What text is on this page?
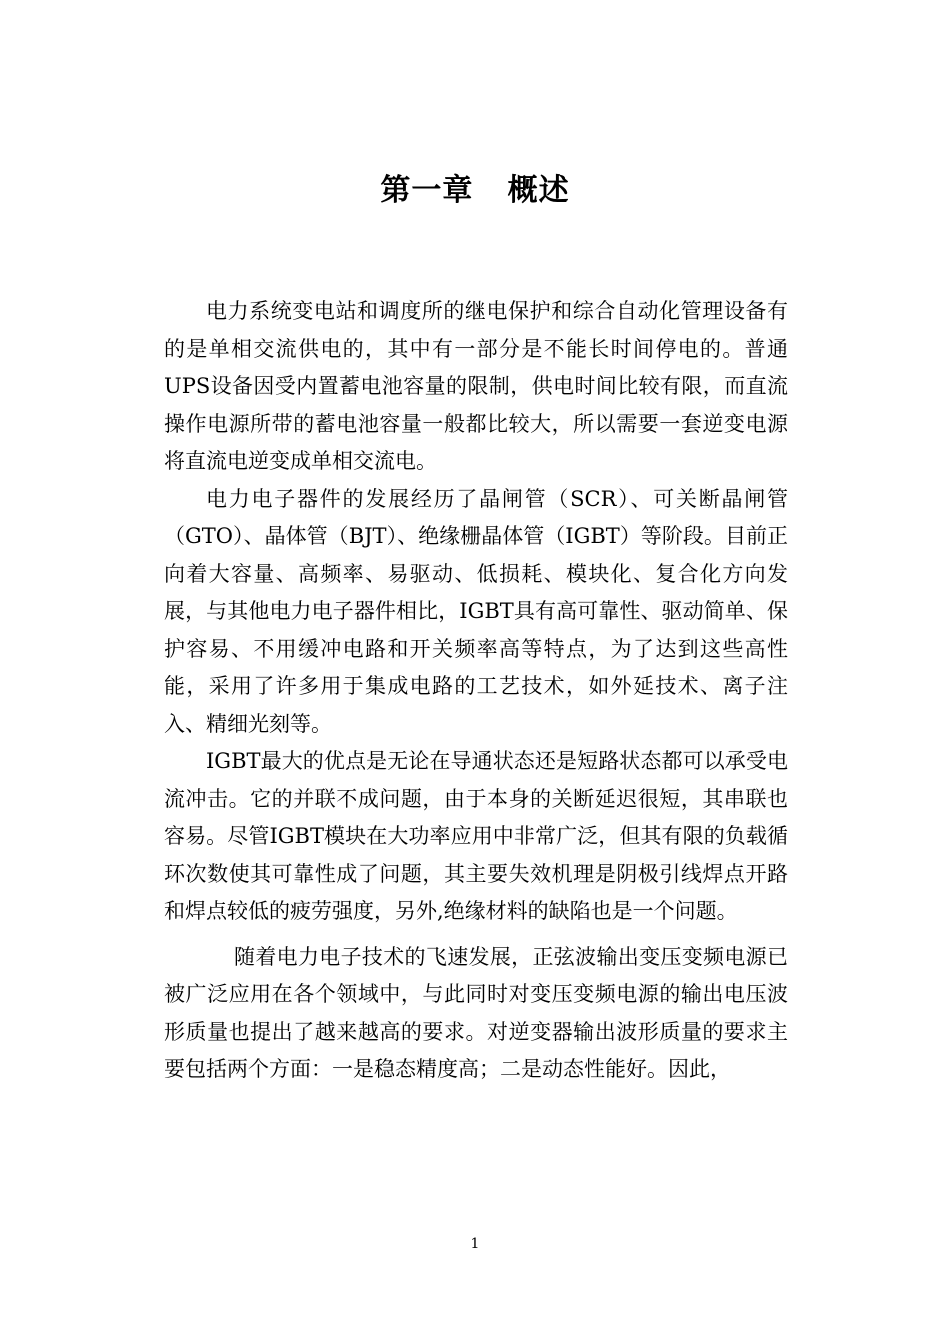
第一章   概述

电力系统变电站和调度所的继电保护和综合自动化管理设备有的是单相交流供电的，其中有一部分是不能长时间停电的。普通UPS设备因受内置蓄电池容量的限制，供电时间比较有限，而直流操作电源所带的蓄电池容量一般都比较大，所以需要一套逆变电源将直流电逆变成单相交流电。

电力电子器件的发展经历了晶闸管（SCR）、可关断晶闸管（GTO）、晶体管（BJT）、绝缘栅晶体管（IGBT）等阶段。目前正向着大容量、高频率、易驱动、低损耗、模块化、复合化方向发展，与其他电力电子器件相比，IGBT具有高可靠性、驱动简单、保护容易、不用缓冲电路和开关频率高等特点，为了达到这些高性能，采用了许多用于集成电路的工艺技术，如外延技术、离子注入、精细光刻等。

IGBT最大的优点是无论在导通状态还是短路状态都可以承受电流冲击。它的并联不成问题，由于本身的关断延迟很短，其串联也容易。尽管IGBT模块在大功率应用中非常广泛，但其有限的负载循环次数使其可靠性成了问题，其主要失效机理是阴极引线焊点开路和焊点较低的疲劳强度，另外,绝缘材料的缺陷也是一个问题。

随着电力电子技术的飞速发展，正弦波输出变压变频电源已被广泛应用在各个领域中，与此同时对变压变频电源的输出电压波形质量也提出了越来越高的要求。对逆变器输出波形质量的要求主要包括两个方面：一是稳态精度高；二是动态性能好。因此，

1
